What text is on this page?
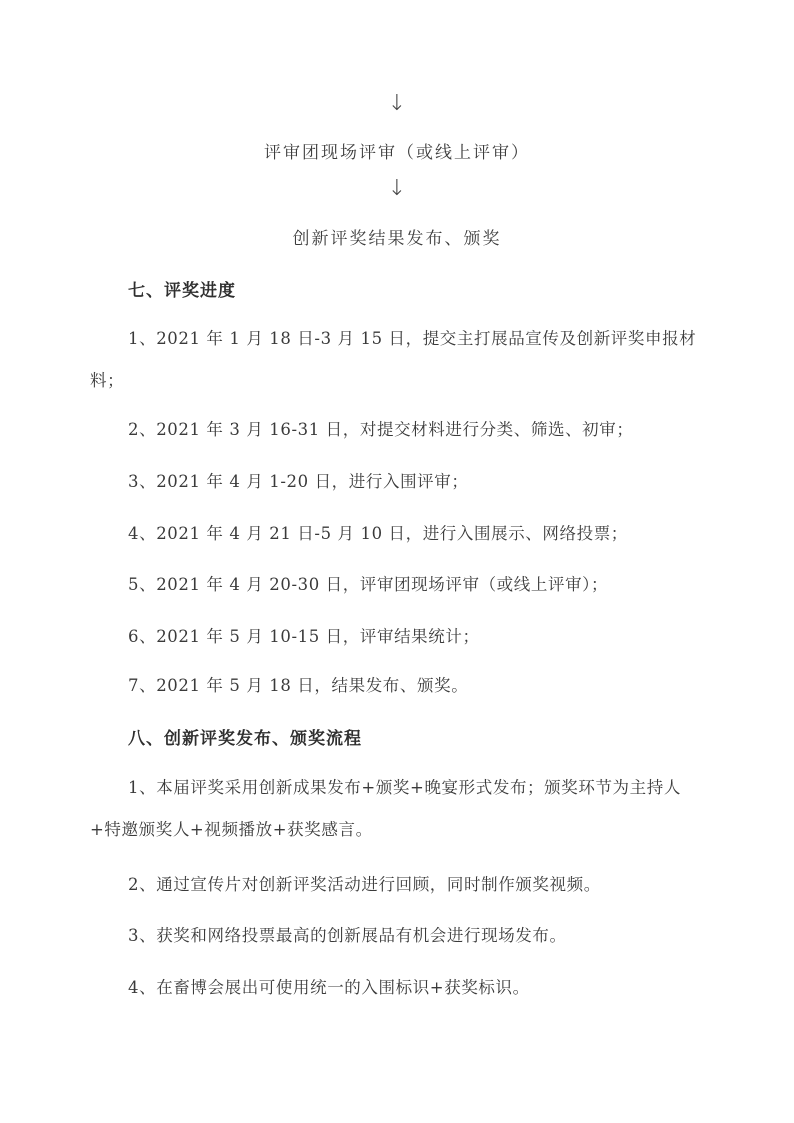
↓
评审团现场评审（或线上评审）
↓
创新评奖结果发布、颁奖
七、评奖进度
1、2021 年 1 月 18 日-3 月 15 日，提交主打展品宣传及创新评奖申报材料；
2、2021 年 3 月 16-31 日，对提交材料进行分类、筛选、初审；
3、2021 年 4 月 1-20 日，进行入围评审；
4、2021 年 4 月 21 日-5 月 10 日，进行入围展示、网络投票；
5、2021 年 4 月 20-30 日，评审团现场评审（或线上评审）；
6、2021 年 5 月 10-15 日，评审结果统计；
7、2021 年 5 月 18 日，结果发布、颁奖。
八、创新评奖发布、颁奖流程
1、本届评奖采用创新成果发布+颁奖+晚宴形式发布；颁奖环节为主持人+特邀颁奖人+视频播放+获奖感言。
2、通过宣传片对创新评奖活动进行回顾，同时制作颁奖视频。
3、获奖和网络投票最高的创新展品有机会进行现场发布。
4、在畜博会展出可使用统一的入围标识+获奖标识。
